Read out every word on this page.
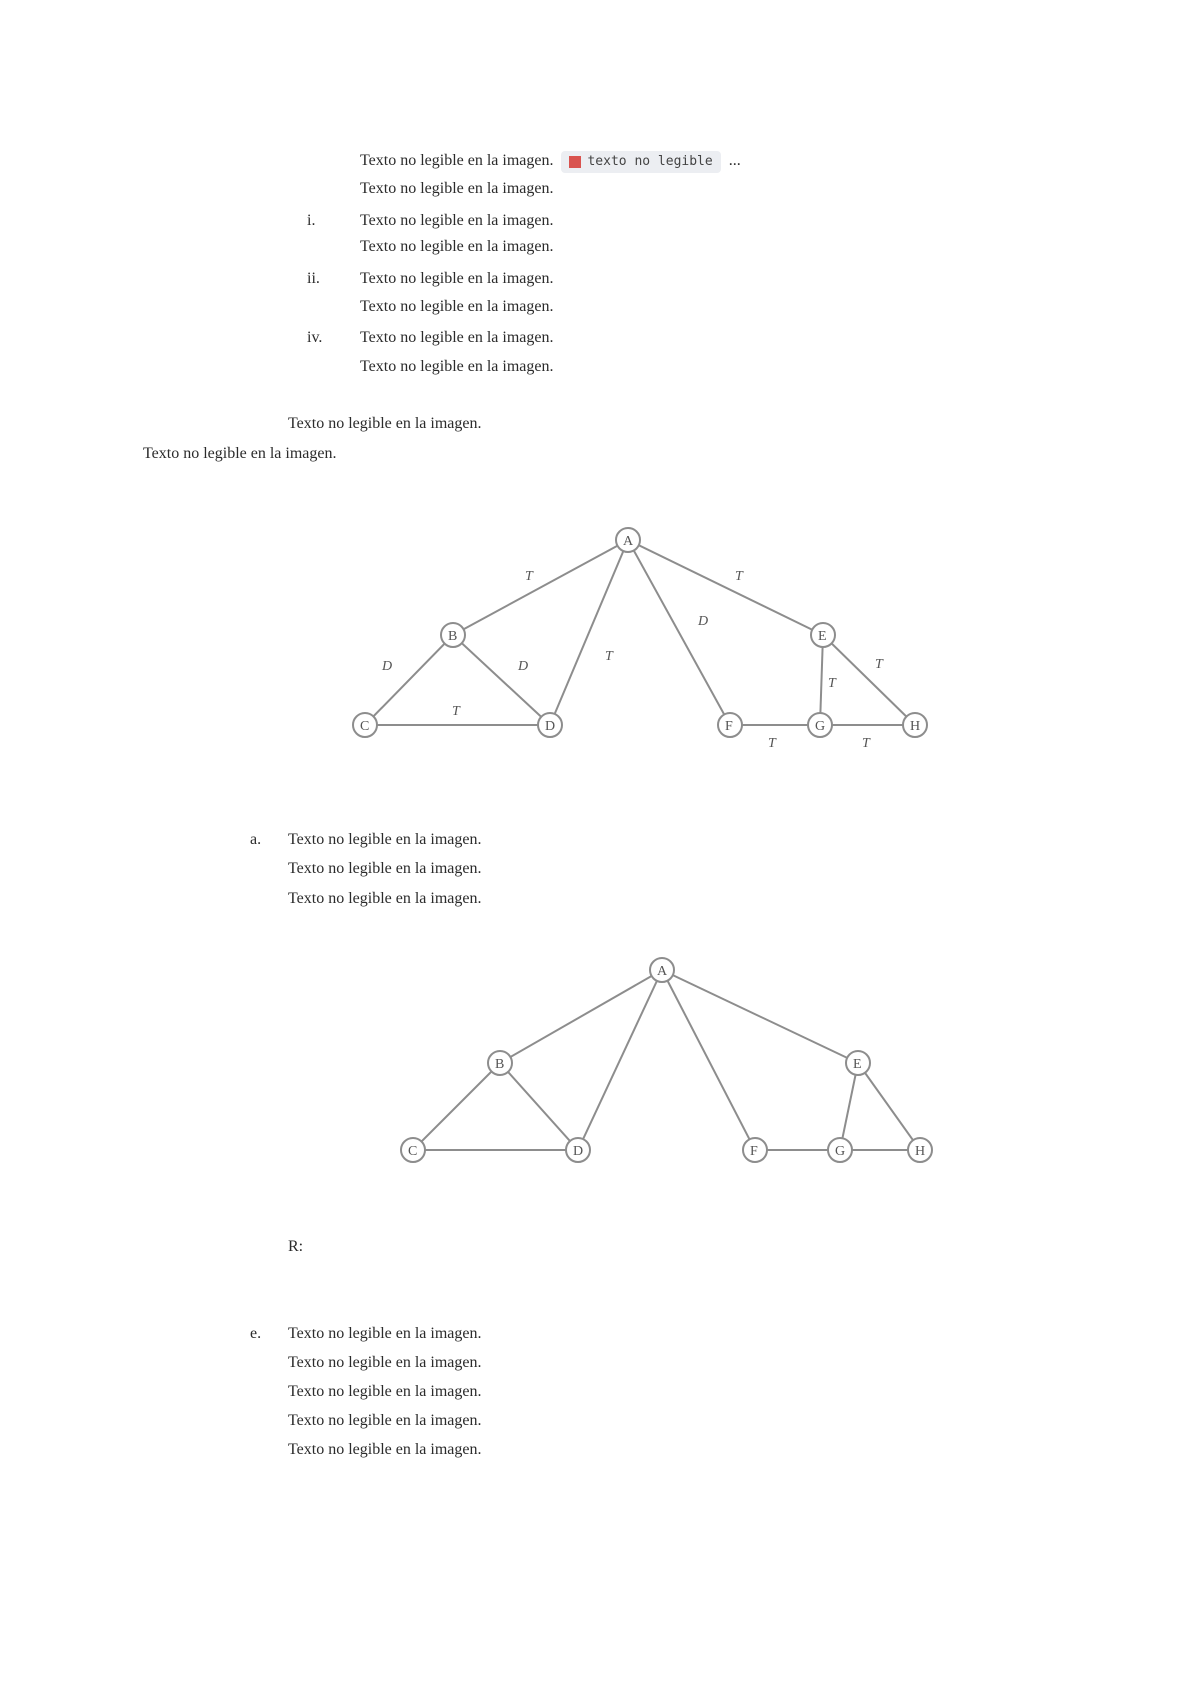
Texto no legible en la imagen.	texto no legible ...
Texto no legible en la imagen.
i.	Texto no legible en la imagen.
Texto no legible en la imagen.
ii.	Texto no legible en la imagen.
Texto no legible en la imagen.
iv. Texto no legible en la imagen.
Texto no legible en la imagen.
Texto no legible en la imagen.
Texto no legible en la imagen.
T	T
T
D
D	D
T
T
T
T	T
A
B
C	D
E
F	G	H
a. Texto no legible en la imagen.
Texto no legible en la imagen.
Texto no legible en la imagen.
A
B
C	D
E
F	G	H
R:
e. Texto no legible en la imagen.
Texto no legible en la imagen.
Texto no legible en la imagen.
Texto no legible en la imagen.
Texto no legible en la imagen.
